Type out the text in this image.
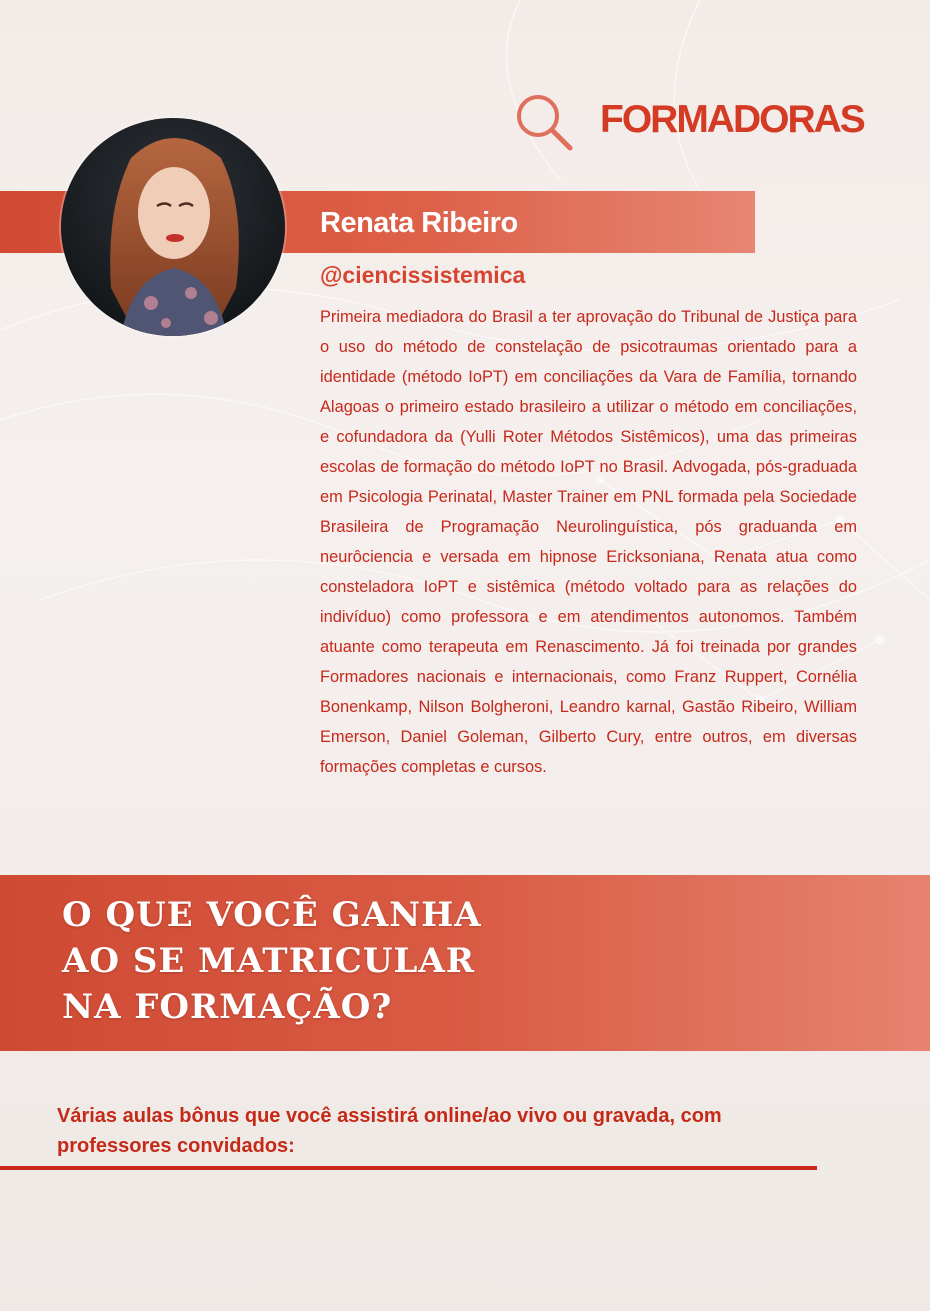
FORMADORAS
Renata Ribeiro
@ciencissistemica
Primeira mediadora do Brasil a ter aprovação do Tribunal de Justiça para o uso do método de constelação de psicotraumas orientado para a identidade (método IoPT) em conciliações da Vara de Família, tornando Alagoas o primeiro estado brasileiro a utilizar o método em conciliações, e cofundadora da (Yulli Roter Métodos Sistêmicos), uma das primeiras escolas de formação do método IoPT no Brasil. Advogada, pós-graduada em Psicologia Perinatal, Master Trainer em PNL formada pela Sociedade Brasileira de Programação Neurolinguística, pós graduanda em neurôciencia e versada em hipnose Ericksoniana, Renata atua como consteladora IoPT e sistêmica (método voltado para as relações do indivíduo) como professora e em atendimentos autonomos. Também atuante como terapeuta em Renascimento. Já foi treinada por grandes Formadores nacionais e internacionais, como Franz Ruppert, Cornélia Bonenkamp, Nilson Bolgheroni, Leandro karnal, Gastão Ribeiro, William Emerson, Daniel Goleman, Gilberto Cury, entre outros, em diversas formações completas e cursos.
O QUE VOCÊ GANHA
AO SE MATRICULAR
NA FORMAÇÃO?
Várias aulas bônus que você assistirá online/ao vivo ou gravada, com professores convidados:
